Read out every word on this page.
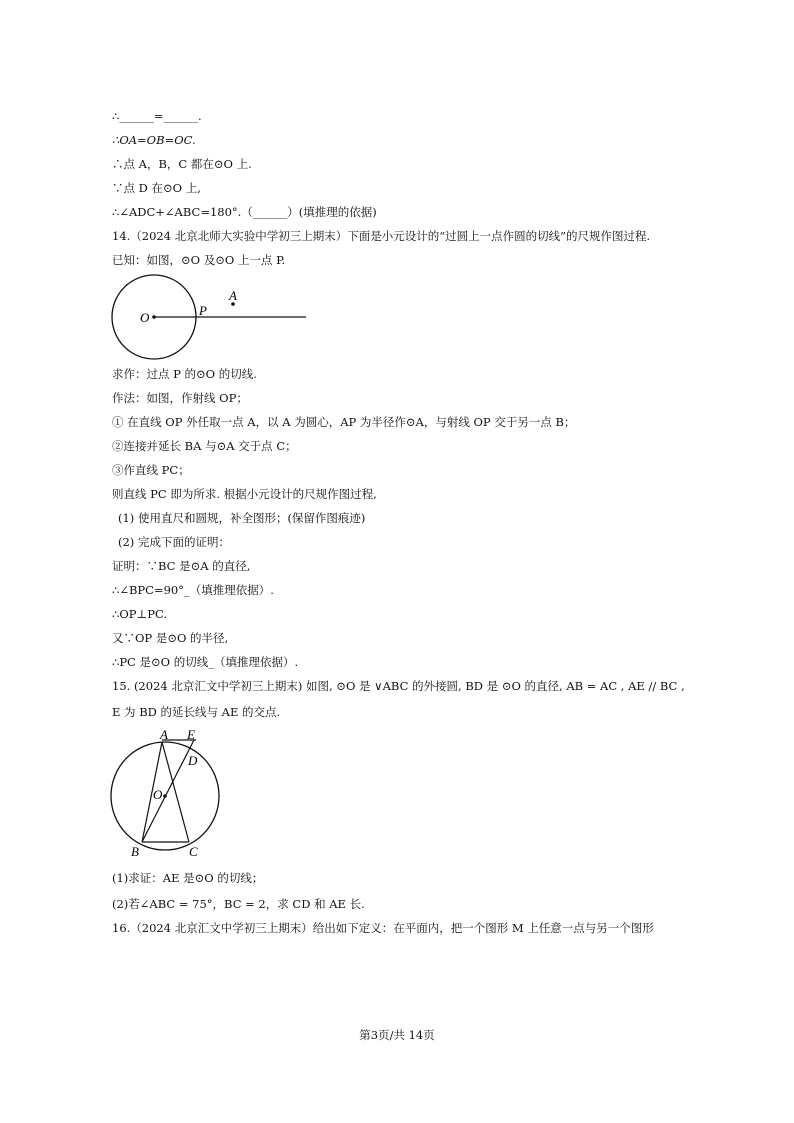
∴______=______.
∴OA=OB=OC.
∴点 A，B，C 都在⊙O 上.
∵点 D 在⊙O 上,
∴∠ADC+∠ABC=180°.（______）(填推理的依据)
14.（2024 北京北师大实验中学初三上期末）下面是小元设计的“过圆上一点作圆的切线”的尺规作图过程.
已知：如图，⊙O 及⊙O 上一点 P.
O	P
A
求作：过点 P 的⊙O 的切线.
作法：如图，作射线 OP；
① 在直线 OP 外任取一点 A，以 A 为圆心，AP 为半径作⊙A，与射线 OP 交于另一点 B；
②连接并延长 BA 与⊙A 交于点 C；
③作直线 PC；
则直线 PC 即为所求. 根据小元设计的尺规作图过程,
(1) 使用直尺和圆规，补全图形；(保留作图痕迹)
(2) 完成下面的证明：
证明：∵BC 是⊙A 的直径,
∴∠BPC=90°_（填推理依据）.
∴OP⊥PC.
又∵OP 是⊙O 的半径,
∴PC 是⊙O 的切线_（填推理依据）.
15. (2024 北京汇文中学初三上期末) 如图, ⊙O 是 ∨ABC 的外接圆, BD 是 ⊙O 的直径, AB = AC , AE // BC ,
E 为 BD 的延长线与 AE 的交点.
A E
D
O
B	C
(1)求证：AE 是⊙O 的切线；
(2)若∠ABC = 75°，BC = 2，求 CD 和 AE 长.
16.（2024 北京汇文中学初三上期末）给出如下定义：在平面内，把一个图形 M 上任意一点与另一个图形
第3页/共 14页
